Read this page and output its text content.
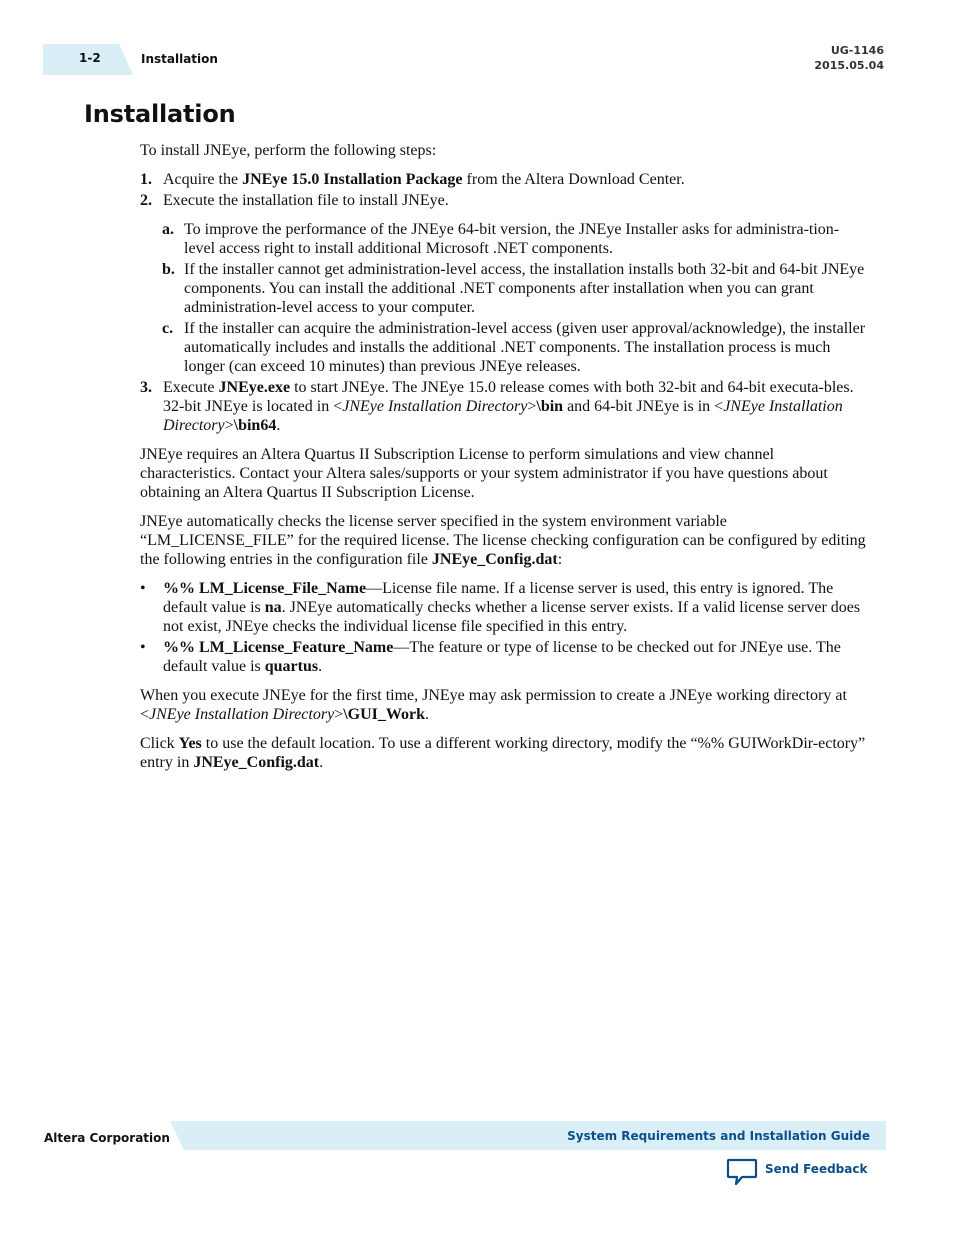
1-2	Installation
UG-1146
2015.05.04
Installation

To install JNEye, perform the following steps:

1. Acquire the JNEye 15.0 Installation Package from the Altera Download Center.
2. Execute the installation file to install JNEye.
a. To improve the performance of the JNEye 64-bit version, the JNEye Installer asks for administra-tion-level access right to install additional Microsoft .NET components.
b. If the installer cannot get administration-level access, the installation installs both 32-bit and 64-bit JNEye components. You can install the additional .NET components after installation when you can grant administration-level access to your computer.
c. If the installer can acquire the administration-level access (given user approval/acknowledge), the installer automatically includes and installs the additional .NET components. The installation process is much longer (can exceed 10 minutes) than previous JNEye releases.
3. Execute JNEye.exe to start JNEye. The JNEye 15.0 release comes with both 32-bit and 64-bit executa-bles. 32-bit JNEye is located in <JNEye Installation Directory>\bin and 64-bit JNEye is in <JNEye Installation Directory>\bin64.

JNEye requires an Altera Quartus II Subscription License to perform simulations and view channel characteristics. Contact your Altera sales/supports or your system administrator if you have questions about obtaining an Altera Quartus II Subscription License.

JNEye automatically checks the license server specified in the system environment variable “LM_LICENSE_FILE” for the required license. The license checking configuration can be configured by editing the following entries in the configuration file JNEye_Config.dat:

• %% LM_License_File_Name—License file name. If a license server is used, this entry is ignored. The default value is na. JNEye automatically checks whether a license server exists. If a valid license server does not exist, JNEye checks the individual license file specified in this entry.
• %% LM_License_Feature_Name—The feature or type of license to be checked out for JNEye use. The default value is quartus.

When you execute JNEye for the first time, JNEye may ask permission to create a JNEye working directory at <JNEye Installation Directory>\GUI_Work.

Click Yes to use the default location. To use a different working directory, modify the “%% GUIWorkDir-ectory” entry in JNEye_Config.dat.

Altera Corporation	System Requirements and Installation Guide
Send Feedback
